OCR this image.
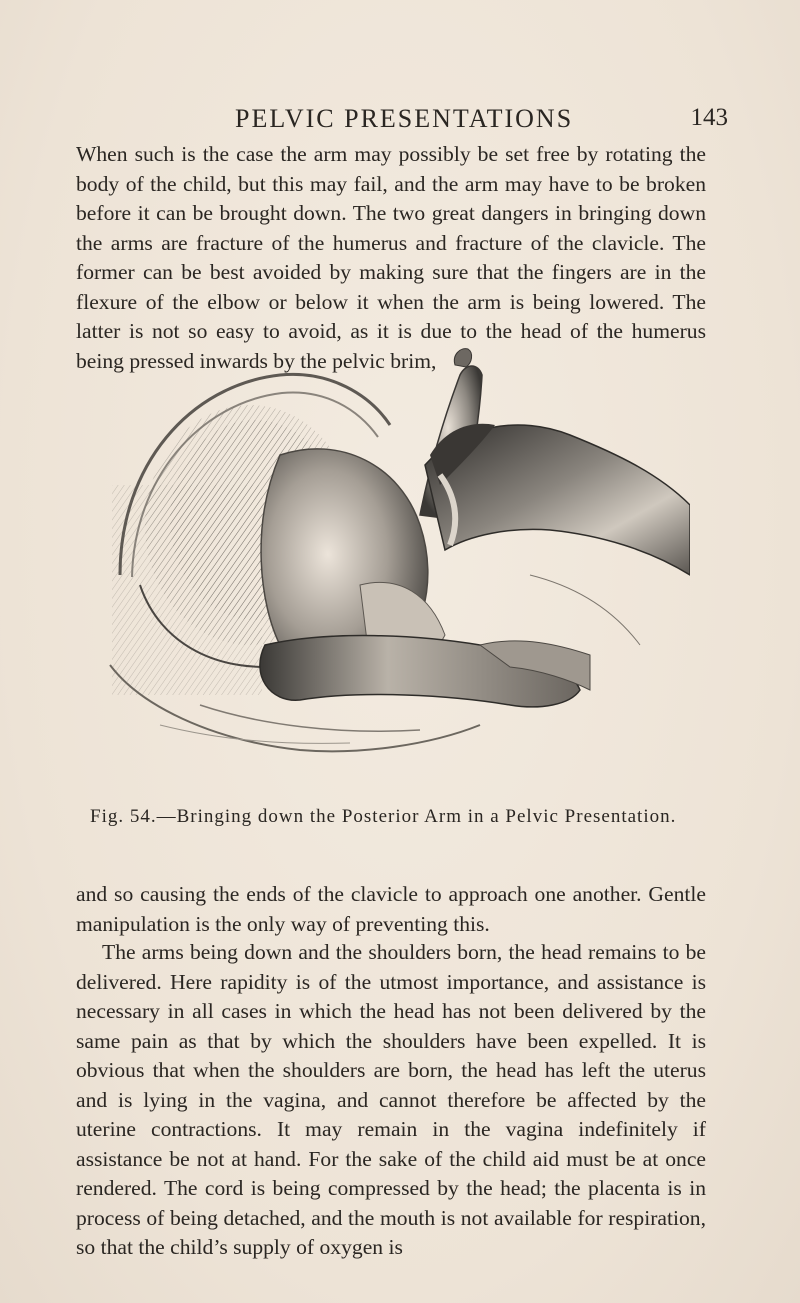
PELVIC PRESENTATIONS	143

When such is the case the arm may possibly be set free by rotating the body of the child, but this may fail, and the arm may have to be broken before it can be brought down. The two great dangers in bringing down the arms are fracture of the humerus and fracture of the clavicle. The former can be best avoided by making sure that the fingers are in the flexure of the elbow or below it when the arm is being lowered. The latter is not so easy to avoid, as it is due to the head of the humerus being pressed inwards by the pelvic brim,

Fig. 54.—Bringing down the Posterior Arm in a Pelvic Presentation.

and so causing the ends of the clavicle to approach one another. Gentle manipulation is the only way of preventing this.

The arms being down and the shoulders born, the head remains to be delivered. Here rapidity is of the utmost importance, and assistance is necessary in all cases in which the head has not been delivered by the same pain as that by which the shoulders have been expelled. It is obvious that when the shoulders are born, the head has left the uterus and is lying in the vagina, and cannot therefore be affected by the uterine contractions. It may remain in the vagina indefinitely if assistance be not at hand. For the sake of the child aid must be at once rendered. The cord is being compressed by the head; the placenta is in process of being detached, and the mouth is not available for respiration, so that the child’s supply of oxygen is
